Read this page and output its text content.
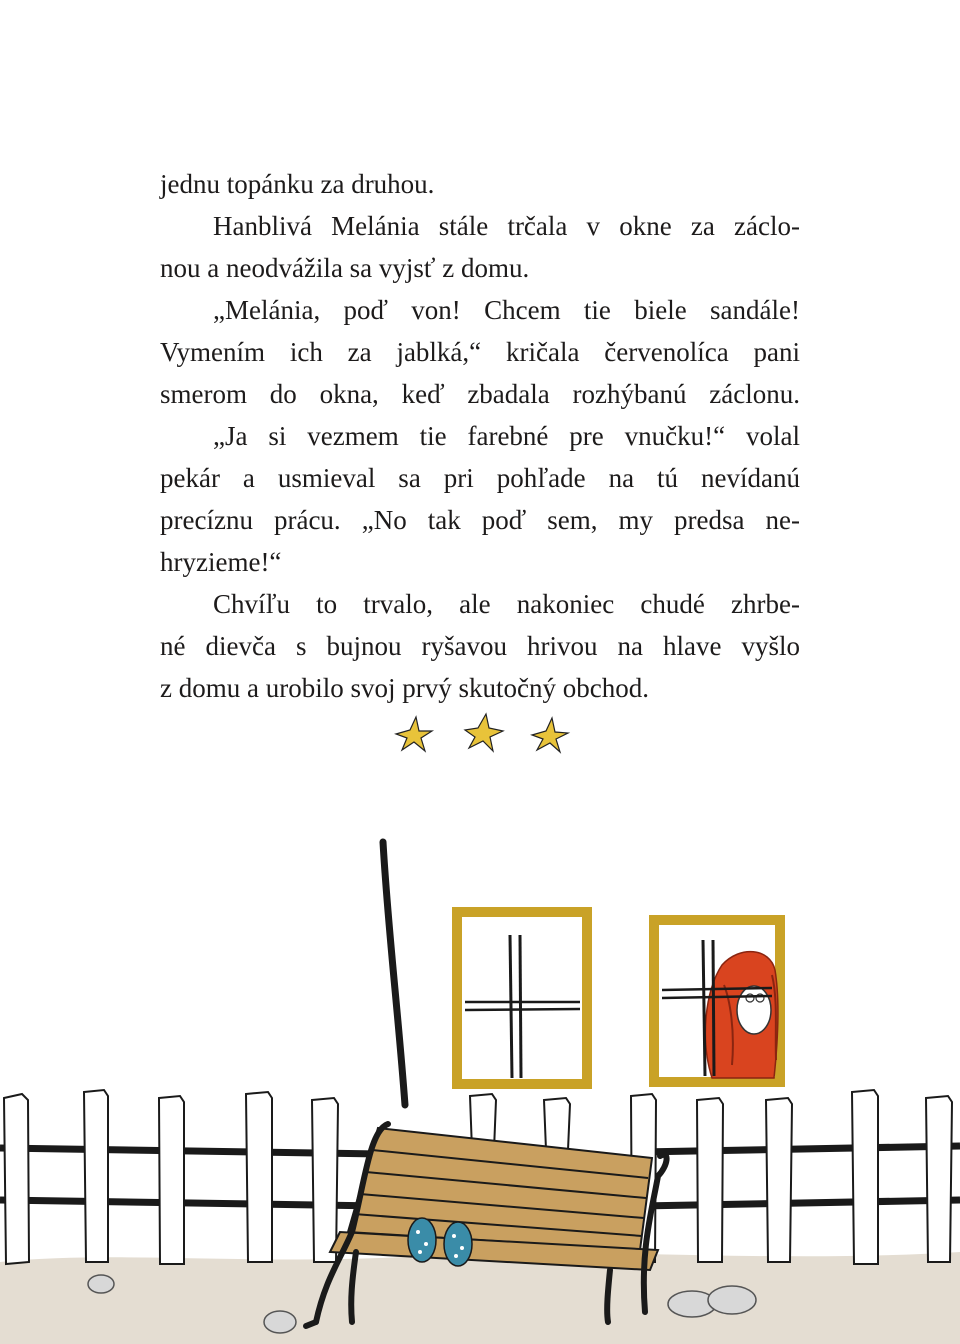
jednu topánku za druhou.
Hanblivá Melánia stále trčala v okne za záclo-
nou a neodvážila sa vyjsť z domu.
„Melánia, poď von! Chcem tie biele sandále!
Vymením ich za jablká,“ kričala červenolíca pani
smerom do okna, keď zbadala rozhýbanú záclonu.
„Ja si vezmem tie farebné pre vnučku!“ volal
pekár a usmieval sa pri pohľade na tú nevídanú
precíznu prácu. „No tak poď sem, my predsa ne-
hryzieme!“
Chvíľu to trvalo, ale nakoniec chudé zhrbe-
né dievča s bujnou ryšavou hrivou na hlave vyšlo
z domu a urobilo svoj prvý skutočný obchod.
